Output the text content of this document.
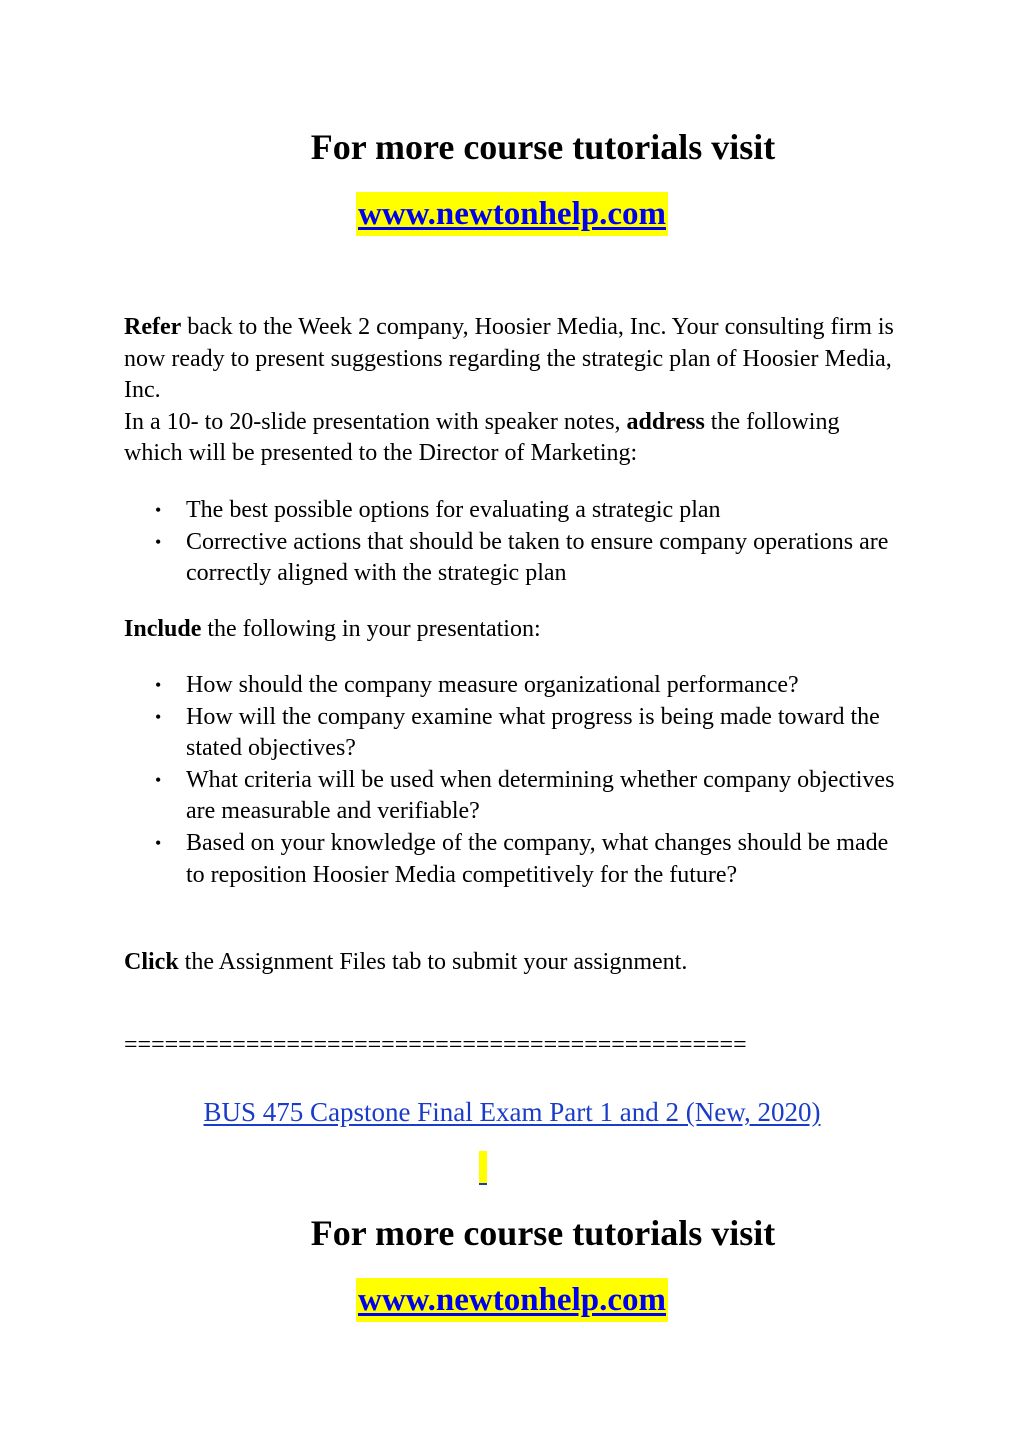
For more course tutorials visit
www.newtonhelp.com

Refer back to the Week 2 company, Hoosier Media, Inc. Your consulting firm is now ready to present suggestions regarding the strategic plan of Hoosier Media, Inc.
In a 10- to 20-slide presentation with speaker notes, address the following which will be presented to the Director of Marketing:

• The best possible options for evaluating a strategic plan
• Corrective actions that should be taken to ensure company operations are correctly aligned with the strategic plan

Include the following in your presentation:

• How should the company measure organizational performance?
• How will the company examine what progress is being made toward the stated objectives?
• What criteria will be used when determining whether company objectives are measurable and verifiable?
• Based on your knowledge of the company, what changes should be made to reposition Hoosier Media competitively for the future?

Click the Assignment Files tab to submit your assignment.

==============================================

BUS 475 Capstone Final Exam Part 1 and 2 (New, 2020)
For more course tutorials visit
www.newtonhelp.com
